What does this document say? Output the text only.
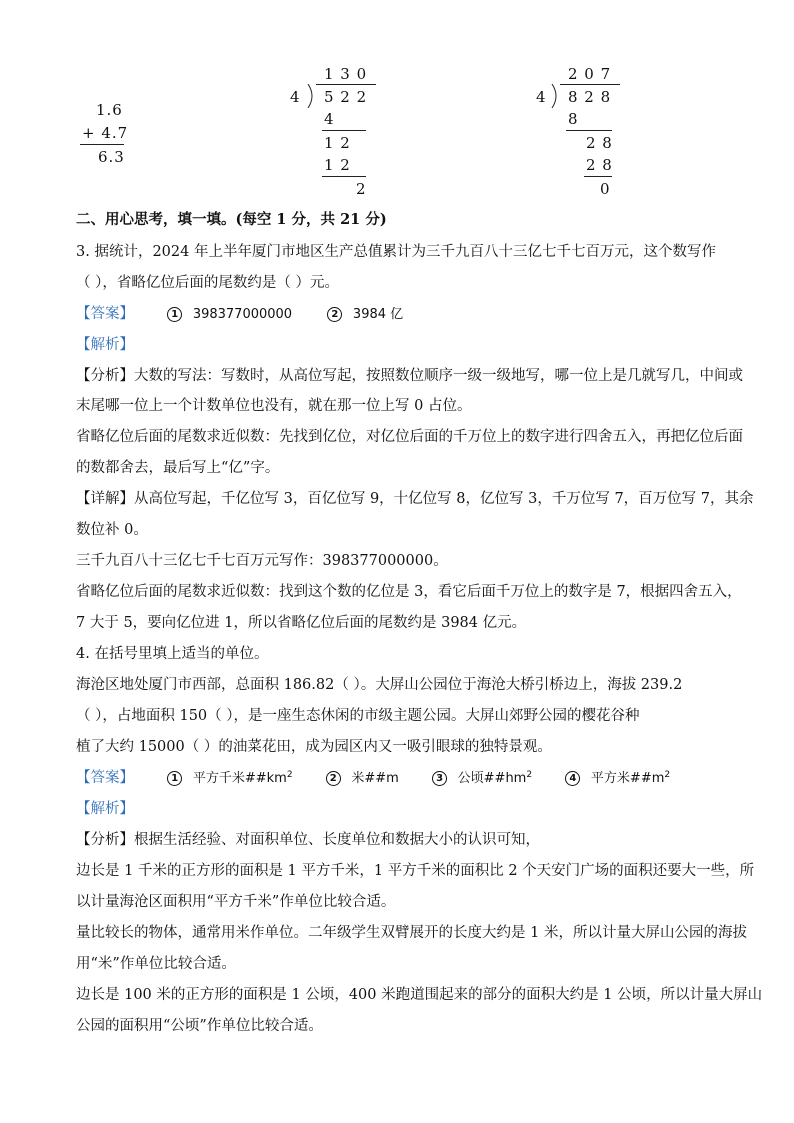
1.6
+ 4.7
6.3
1 3 0
4 5 2 2
4
1 2
1 2
2
2 0 7
4 8 2 8
8
2 8
2 8
0
二、用心思考，填一填。(每空 1 分，共 21 分)
3. 据统计，2024 年上半年厦门市地区生产总值累计为三千九百八十三亿七千七百万元，这个数写作
（ ），省略亿位后面的尾数约是（ ）元。
【答案】	1 398377000000	2 3984 亿
【解析】
【分析】大数的写法：写数时，从高位写起，按照数位顺序一级一级地写，哪一位上是几就写几，中间或
末尾哪一位上一个计数单位也没有，就在那一位上写 0 占位。
省略亿位后面的尾数求近似数：先找到亿位，对亿位后面的千万位上的数字进行四舍五入，再把亿位后面
的数都舍去，最后写上“亿”字。
【详解】从高位写起，千亿位写 3，百亿位写 9，十亿位写 8，亿位写 3，千万位写 7，百万位写 7，其余
数位补 0。
三千九百八十三亿七千七百万元写作：398377000000。
省略亿位后面的尾数求近似数：找到这个数的亿位是 3，看它后面千万位上的数字是 7，根据四舍五入，
7 大于 5，要向亿位进 1，所以省略亿位后面的尾数约是 3984 亿元。
4. 在括号里填上适当的单位。
海沧区地处厦门市西部，总面积 186.82（ ）。大屏山公园位于海沧大桥引桥边上，海拔 239.2
（ ），占地面积 150（ ），是一座生态休闲的市级主题公园。大屏山郊野公园的樱花谷种
植了大约 15000（ ）的油菜花田，成为园区内又一吸引眼球的独特景观。
【答案】	1 平方千米$\#\#km^2$	2 米##m	3 公顷$\#\#hm^2$	4 平方米$\#\#m^2$
【解析】
【分析】根据生活经验、对面积单位、长度单位和数据大小的认识可知，
边长是 1 千米的正方形的面积是 1 平方千米，1 平方千米的面积比 2 个天安门广场的面积还要大一些，所
以计量海沧区面积用“平方千米”作单位比较合适。
量比较长的物体，通常用米作单位。二年级学生双臂展开的长度大约是 1 米，所以计量大屏山公园的海拔
用“米”作单位比较合适。
边长是 100 米的正方形的面积是 1 公顷，400 米跑道围起来的部分的面积大约是 1 公顷，所以计量大屏山
公园的面积用“公顷”作单位比较合适。
